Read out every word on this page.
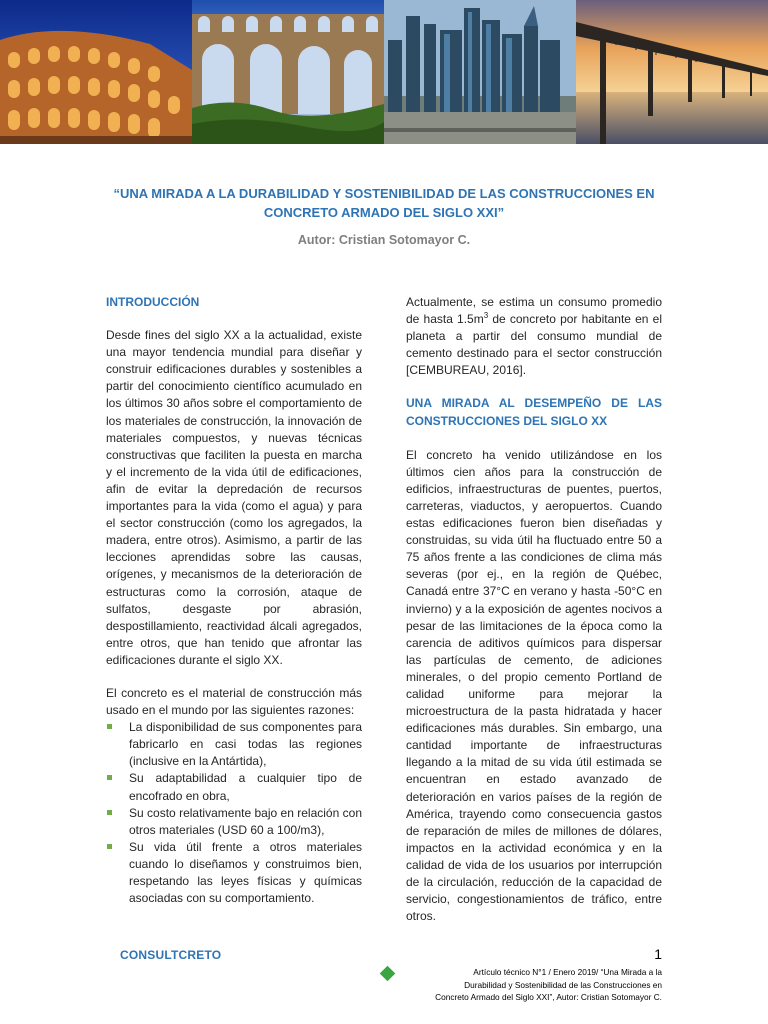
“UNA MIRADA A LA DURABILIDAD Y SOSTENIBILIDAD DE LAS CONSTRUCCIONES EN CONCRETO ARMADO DEL SIGLO XXI”

Autor: Cristian Sotomayor C.

INTRODUCCIÓN

Desde fines del siglo XX a la actualidad, existe una mayor tendencia mundial para diseñar y construir edificaciones durables y sostenibles a partir del conocimiento científico acumulado en los últimos 30 años sobre el comportamiento de los materiales de construcción, la innovación de materiales compuestos, y nuevas técnicas constructivas que faciliten la puesta en marcha y el incremento de la vida útil de edificaciones, afin de evitar la depredación de recursos importantes para la vida (como el agua) y para el sector construcción (como los agregados, la madera, entre otros). Asimismo, a partir de las lecciones aprendidas sobre las causas, orígenes, y mecanismos de la deterioración de estructuras como la corrosión, ataque de sulfatos, desgaste por abrasión, despostillamiento, reactividad álcali agregados, entre otros, que han tenido que afrontar las edificaciones durante el siglo XX.

El concreto es el material de construcción más usado en el mundo por las siguientes razones:

La disponibilidad de sus componentes para fabricarlo en casi todas las regiones (inclusive en la Antártida),
Su adaptabilidad a cualquier tipo de encofrado en obra,
Su costo relativamente bajo en relación con otros materiales (USD 60 a 100/m3),
Su vida útil frente a otros materiales cuando lo diseñamos y construimos bien, respetando las leyes físicas y químicas asociadas con su comportamiento.

Actualmente, se estima un consumo promedio de hasta $1.5m^3$ de concreto por habitante en el planeta a partir del consumo mundial de cemento destinado para el sector construcción [CEMBUREAU, 2016].

UNA MIRADA AL DESEMPEÑO DE LAS CONSTRUCCIONES DEL SIGLO XX

El concreto ha venido utilizándose en los últimos cien años para la construcción de edificios, infraestructuras de puentes, puertos, carreteras, viaductos, y aeropuertos. Cuando estas edificaciones fueron bien diseñadas y construidas, su vida útil ha fluctuado entre 50 a 75 años frente a las condiciones de clima más severas (por ej., en la región de Québec, Canadá entre 37°C en verano y hasta -50°C en invierno) y a la exposición de agentes nocivos a pesar de las limitaciones de la época como la carencia de aditivos químicos para dispersar las partículas de cemento, de adiciones minerales, o del propio cemento Portland de calidad uniforme para mejorar la microestructura de la pasta hidratada y hacer edificaciones más durables. Sin embargo, una cantidad importante de infraestructuras llegando a la mitad de su vida útil estimada se encuentran en estado avanzado de deterioración en varios países de la región de América, trayendo como consecuencia gastos de reparación de miles de millones de dólares, impactos en la actividad económica y en la calidad de vida de los usuarios por interrupción de la circulación, reducción de la capacidad de servicio, congestionamientos de tráfico, entre otros.

CONSULTCRETO	1
Artículo técnico N°1 / Enero 2019/ “Una Mirada a la
Durabilidad y Sostenibilidad de las Construcciones en
Concreto Armado del Siglo XXI”, Autor: Cristian Sotomayor C.
